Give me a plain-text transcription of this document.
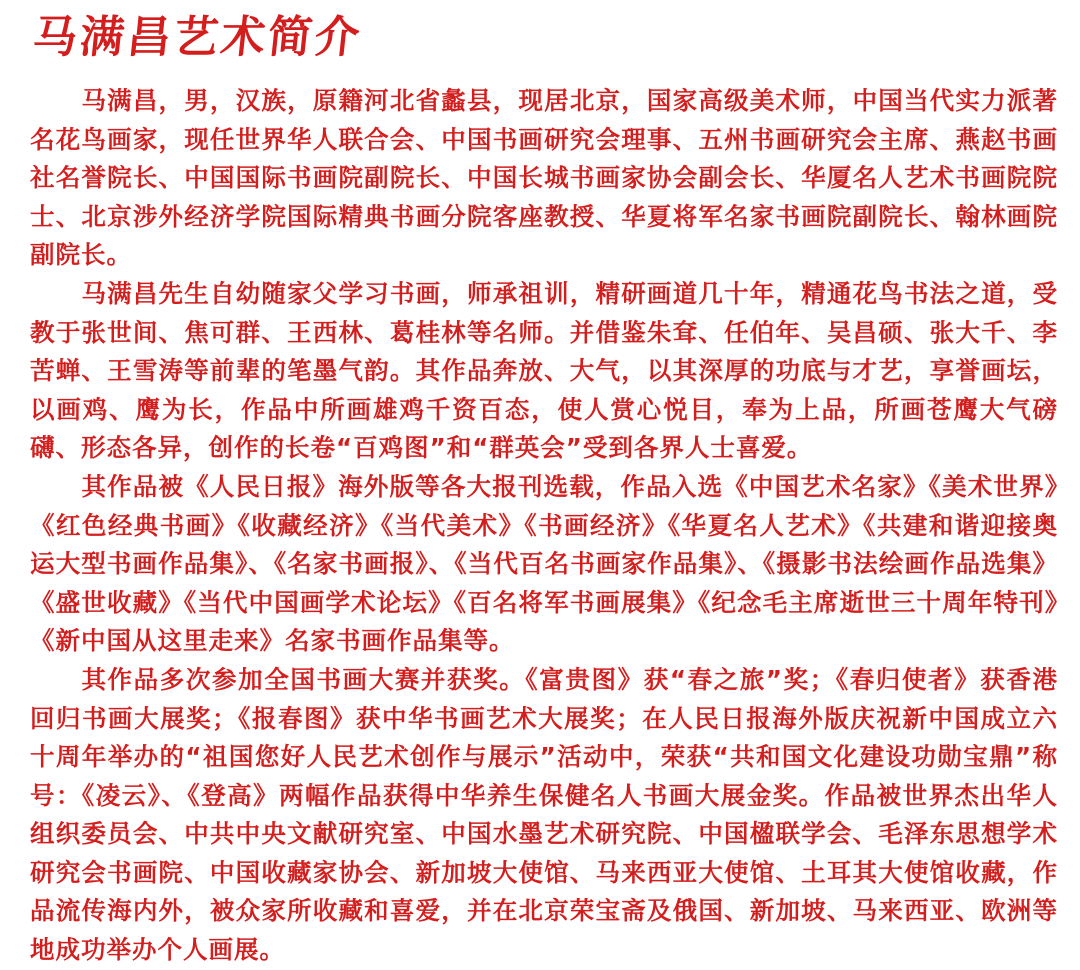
马满昌艺术简介

马满昌，男，汉族，原籍河北省蠡县，现居北京，国家高级美术师，中国当代实力派著名花鸟画家，现任世界华人联合会、中国书画研究会理事、五州书画研究会主席、燕赵书画社名誉院长、中国国际书画院副院长、中国长城书画家协会副会长、华厦名人艺术书画院院士、北京涉外经济学院国际精典书画分院客座教授、华夏将军名家书画院副院长、翰林画院副院长。

马满昌先生自幼随家父学习书画，师承祖训，精研画道几十年，精通花鸟书法之道，受教于张世间、焦可群、王西林、葛桂林等名师。并借鉴朱耷、任伯年、吴昌硕、张大千、李苦蝉、王雪涛等前辈的笔墨气韵。其作品奔放、大气，以其深厚的功底与才艺，享誉画坛，以画鸡、鹰为长，作品中所画雄鸡千资百态，使人赏心悦目，奉为上品，所画苍鹰大气磅礴、形态各异，创作的长卷“百鸡图”和“群英会”受到各界人士喜爱。

其作品被《人民日报》海外版等各大报刊选载，作品入选《中国艺术名家》《美术世界》《红色经典书画》《收藏经济》《当代美术》《书画经济》《华夏名人艺术》《共建和谐迎接奥运大型书画作品集》、《名家书画报》、《当代百名书画家作品集》、《摄影书法绘画作品选集》《盛世收藏》《当代中国画学术论坛》《百名将军书画展集》《纪念毛主席逝世三十周年特刊》《新中国从这里走来》名家书画作品集等。

其作品多次参加全国书画大赛并获奖。《富贵图》获“春之旅”奖；《春归使者》获香港回归书画大展奖；《报春图》获中华书画艺术大展奖；在人民日报海外版庆祝新中国成立六十周年举办的“祖国您好人民艺术创作与展示”活动中，荣获“共和国文化建设功勋宝鼎”称号：《凌云》、《登高》两幅作品获得中华养生保健名人书画大展金奖。作品被世界杰出华人组织委员会、中共中央文献研究室、中国水墨艺术研究院、中国楹联学会、毛泽东思想学术研究会书画院、中国收藏家协会、新加坡大使馆、马来西亚大使馆、土耳其大使馆收藏，作品流传海内外，被众家所收藏和喜爱，并在北京荣宝斋及俄国、新加坡、马来西亚、欧洲等地成功举办个人画展。
